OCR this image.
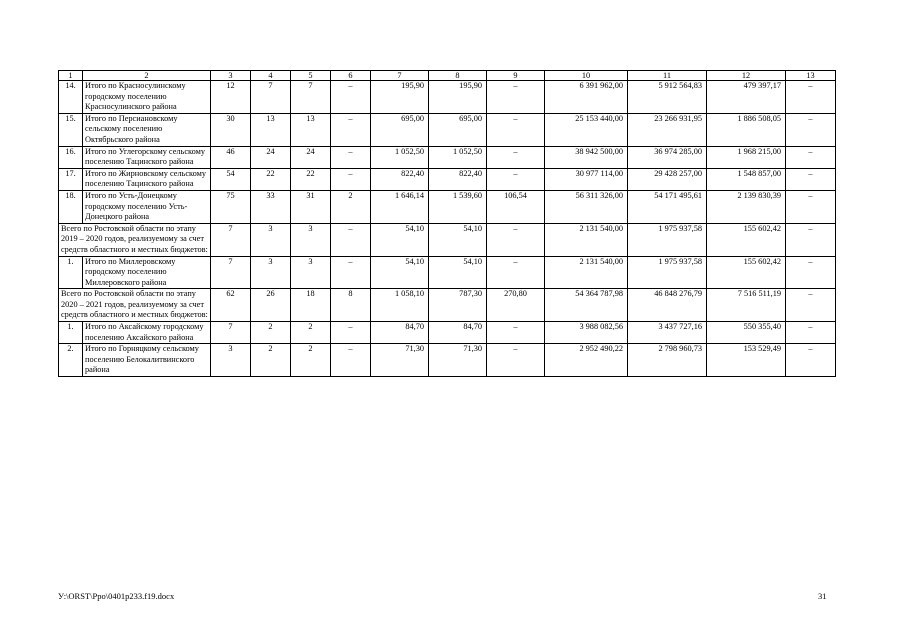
1	2	3	4	5	6	7	8	9	10	11	12	13
14.	Итого по Красносулинскому городскому поселению Красносулинского района	12	7	7	–	195,90	195,90	–	6 391 962,00	5 912 564,83	479 397,17	–
15.	Итого по Персиановскому сельскому поселению Октябрьского района	30	13	13	–	695,00	695,00	–	25 153 440,00	23 266 931,95	1 886 508,05	–
16.	Итого по Углегорскому сельскому поселению Тацинского района	46	24	24	–	1 052,50	1 052,50	–	38 942 500,00	36 974 285,00	1 968 215,00	–
17.	Итого по Жирновскому сельскому поселению Тацинского района	54	22	22	–	822,40	822,40	–	30 977 114,00	29 428 257,00	1 548 857,00	–
18.	Итого по Усть-Донецкому городскому поселению Усть-Донецкого района	75	33	31	2	1 646,14	1 539,60	106,54	56 311 326,00	54 171 495,61	2 139 830,39	–
Всего по Ростовской области по этапу 2019 – 2020 годов, реализуемому за счет средств областного и местных бюджетов:		7	3	3	–	54,10	54,10	–	2 131 540,00	1 975 937,58	155 602,42	–
1.	Итого по Миллеровскому городскому поселению Миллеровского района	7	3	3	–	54,10	54,10	–	2 131 540,00	1 975 937,58	155 602,42	–
Всего по Ростовской области по этапу 2020 – 2021 годов, реализуемому за счет средств областного и местных бюджетов:		62	26	18	8	1 058,10	787,30	270,80	54 364 787,98	46 848 276,79	7 516 511,19	–
1.	Итого по Аксайскому городскому поселению Аксайского района	7	2	2	–	84,70	84,70	–	3 988 082,56	3 437 727,16	550 355,40	–
2.	Итого по Горняцкому сельскому поселению Белокалитвинского района	3	2	2	–	71,30	71,30	–	2 952 490,22	2 798 960,73	153 529,49	–
У:\ORST\Ppo\0401p233.f19.docx	31
